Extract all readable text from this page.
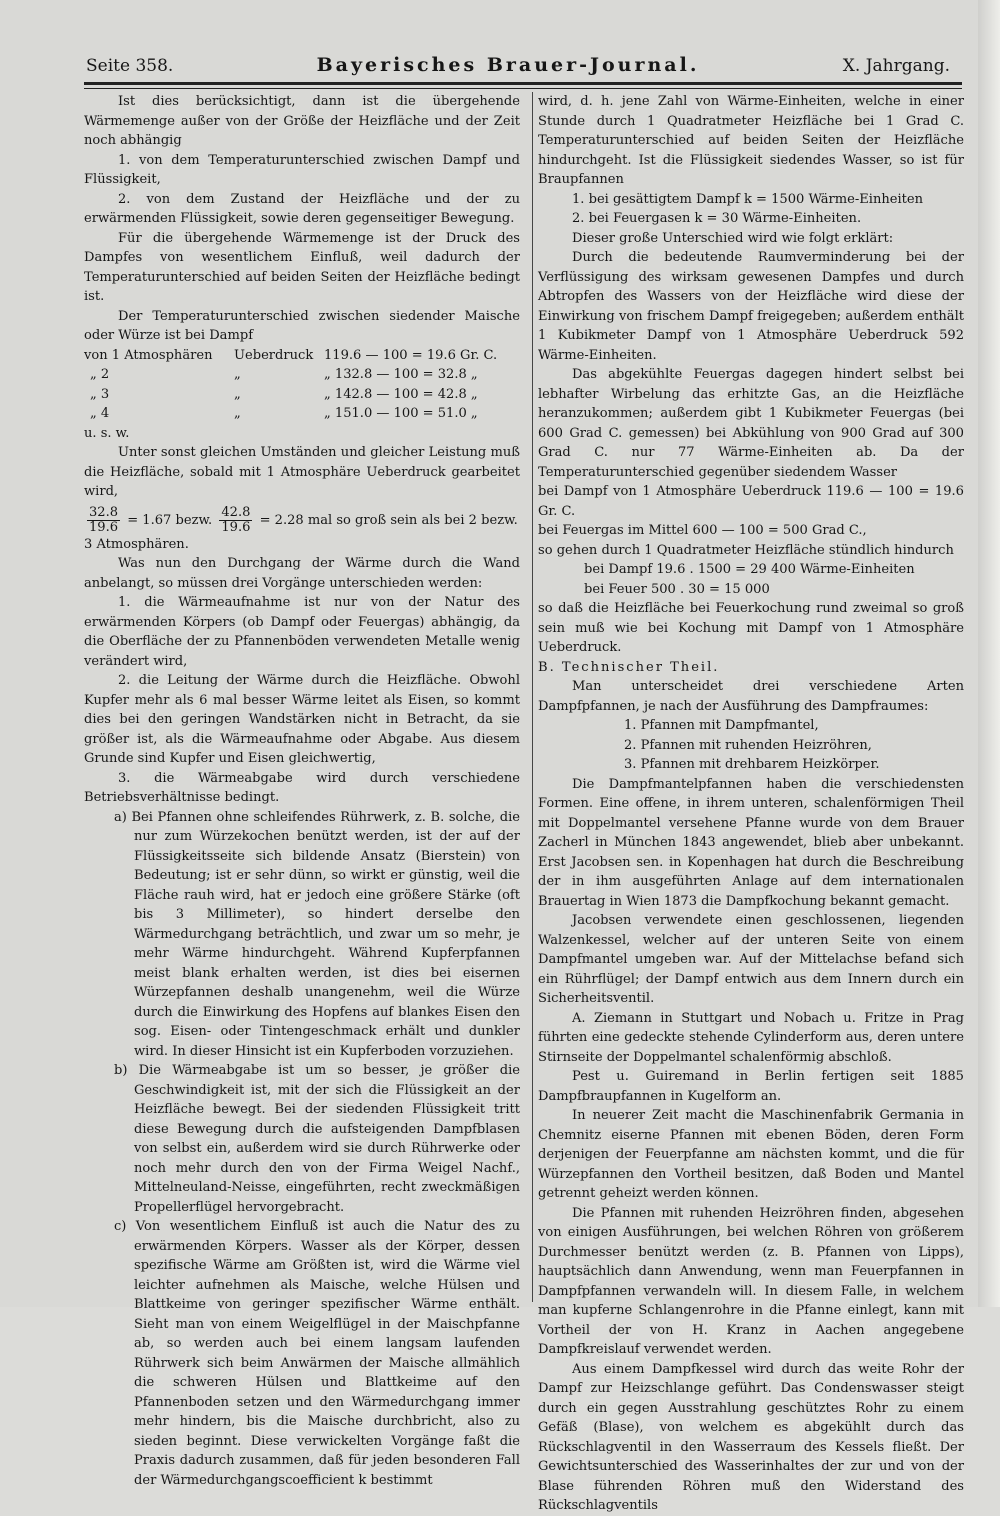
Seite 358.	Bayerisches Brauer-Journal.	X. Jahrgang.

Ist dies berücksichtigt, dann ist die übergehende Wärmemenge außer von der Größe der Heizfläche und der Zeit noch abhängig

1. von dem Temperaturunterschied zwischen Dampf und Flüssigkeit,

2. von dem Zustand der Heizfläche und der zu erwärmenden Flüssigkeit, sowie deren gegenseitiger Bewegung.

Für die übergehende Wärmemenge ist der Druck des Dampfes von wesentlichem Einfluß, weil dadurch der Temperaturunterschied auf beiden Seiten der Heizfläche bedingt ist.

Der Temperaturunterschied zwischen siedender Maische oder Würze ist bei Dampf

von 1 Atmosphären	Ueberdruck 119.6 — 100 = 19.6 Gr. C.
„ 2	„	„ 132.8 — 100 = 32.8 „
„ 3	„	„ 142.8 — 100 = 42.8 „
„ 4	„	„ 151.0 — 100 = 51.0 „

u. s. w.

Unter sonst gleichen Umständen und gleicher Leistung muß die Heizfläche, sobald mit 1 Atmosphäre Ueberdruck gearbeitet wird,

$\frac{32.8}{19.6} = 1.67$ bezw. $\frac{42.8}{19.6} = 2.28$ mal so groß sein als bei 2 bezw.

3 Atmosphären.

Was nun den Durchgang der Wärme durch die Wand anbelangt, so müssen drei Vorgänge unterschieden werden:

1. die Wärmeaufnahme ist nur von der Natur des erwärmenden Körpers (ob Dampf oder Feuergas) abhängig, da die Oberfläche der zu Pfannenböden verwendeten Metalle wenig verändert wird,

2. die Leitung der Wärme durch die Heizfläche. Obwohl Kupfer mehr als 6 mal besser Wärme leitet als Eisen, so kommt dies bei den geringen Wandstärken nicht in Betracht, da sie größer ist, als die Wärmeaufnahme oder Abgabe. Aus diesem Grunde sind Kupfer und Eisen gleichwertig,

3. die Wärmeabgabe wird durch verschiedene Betriebsverhältnisse bedingt.

a) Bei Pfannen ohne schleifendes Rührwerk, z. B. solche, die nur zum Würzekochen benützt werden, ist der auf der Flüssigkeitsseite sich bildende Ansatz (Bierstein) von Bedeutung; ist er sehr dünn, so wirkt er günstig, weil die Fläche rauh wird, hat er jedoch eine größere Stärke (oft bis 3 Millimeter), so hindert derselbe den Wärmedurchgang beträchtlich, und zwar um so mehr, je mehr Wärme hindurchgeht. Während Kupferpfannen meist blank erhalten werden, ist dies bei eisernen Würzepfannen deshalb unangenehm, weil die Würze durch die Einwirkung des Hopfens auf blankes Eisen den sog. Eisen- oder Tintengeschmack erhält und dunkler wird. In dieser Hinsicht ist ein Kupferboden vorzuziehen.

b) Die Wärmeabgabe ist um so besser, je größer die Geschwindigkeit ist, mit der sich die Flüssigkeit an der Heizfläche bewegt. Bei der siedenden Flüssigkeit tritt diese Bewegung durch die aufsteigenden Dampfblasen von selbst ein, außerdem wird sie durch Rührwerke oder noch mehr durch den von der Firma Weigel Nachf., Mittelneuland-Neisse, eingeführten, recht zweckmäßigen Propellerflügel hervorgebracht.

c) Von wesentlichem Einfluß ist auch die Natur des zu erwärmenden Körpers. Wasser als der Körper, dessen spezifische Wärme am Größten ist, wird die Wärme viel leichter aufnehmen als Maische, welche Hülsen und Blattkeime von geringer spezifischer Wärme enthält. Sieht man von einem Weigelflügel in der Maischpfanne ab, so werden auch bei einem langsam laufenden Rührwerk sich beim Anwärmen der Maische allmählich die schweren Hülsen und Blattkeime auf den Pfannenboden setzen und den Wärmedurchgang immer mehr hindern, bis die Maische durchbricht, also zu sieden beginnt. Diese verwickelten Vorgänge faßt die Praxis dadurch zusammen, daß für jeden besonderen Fall der Wärmedurchgangscoefficient k bestimmt

wird, d. h. jene Zahl von Wärme-Einheiten, welche in einer Stunde durch 1 Quadratmeter Heizfläche bei 1 Grad C. Temperaturunterschied auf beiden Seiten der Heizfläche hindurchgeht. Ist die Flüssigkeit siedendes Wasser, so ist für Braupfannen

1. bei gesättigtem Dampf k = 1500 Wärme-Einheiten

2. bei Feuergasen k = 30 Wärme-Einheiten.

Dieser große Unterschied wird wie folgt erklärt:

Durch die bedeutende Raumverminderung bei der Verflüssigung des wirksam gewesenen Dampfes und durch Abtropfen des Wassers von der Heizfläche wird diese der Einwirkung von frischem Dampf freigegeben; außerdem enthält 1 Kubikmeter Dampf von 1 Atmosphäre Ueberdruck 592 Wärme-Einheiten.

Das abgekühlte Feuergas dagegen hindert selbst bei lebhafter Wirbelung das erhitzte Gas, an die Heizfläche heranzukommen; außerdem gibt 1 Kubikmeter Feuergas (bei 600 Grad C. gemessen) bei Abkühlung von 900 Grad auf 300 Grad C. nur 77 Wärme-Einheiten ab. Da der Temperaturunterschied gegenüber siedendem Wasser

bei Dampf von 1 Atmosphäre Ueberdruck 119.6 — 100 = 19.6 Gr. C.

bei Feuergas im Mittel 600 — 100 = 500 Grad C.,

so gehen durch 1 Quadratmeter Heizfläche stündlich hindurch

bei Dampf 19.6 . 1500 = 29 400 Wärme-Einheiten

bei Feuer 500 . 30 = 15 000

so daß die Heizfläche bei Feuerkochung rund zweimal so groß sein muß wie bei Kochung mit Dampf von 1 Atmosphäre Ueberdruck.

B. Technischer Theil.

Man unterscheidet drei verschiedene Arten Dampfpfannen, je nach der Ausführung des Dampfraumes:

1. Pfannen mit Dampfmantel,

2. Pfannen mit ruhenden Heizröhren,

3. Pfannen mit drehbarem Heizkörper.

Die Dampfmantelpfannen haben die verschiedensten Formen. Eine offene, in ihrem unteren, schalenförmigen Theil mit Doppelmantel versehene Pfanne wurde von dem Brauer Zacherl in München 1843 angewendet, blieb aber unbekannt. Erst Jacobsen sen. in Kopenhagen hat durch die Beschreibung der in ihm ausgeführten Anlage auf dem internationalen Brauertag in Wien 1873 die Dampfkochung bekannt gemacht.

Jacobsen verwendete einen geschlossenen, liegenden Walzenkessel, welcher auf der unteren Seite von einem Dampfmantel umgeben war. Auf der Mittelachse befand sich ein Rührflügel; der Dampf entwich aus dem Innern durch ein Sicherheitsventil.

A. Ziemann in Stuttgart und Nobach u. Fritze in Prag führten eine gedeckte stehende Cylinderform aus, deren untere Stirnseite der Doppelmantel schalenförmig abschloß.

Pest u. Guiremand in Berlin fertigen seit 1885 Dampfbraupfannen in Kugelform an.

In neuerer Zeit macht die Maschinenfabrik Germania in Chemnitz eiserne Pfannen mit ebenen Böden, deren Form derjenigen der Feuerpfanne am nächsten kommt, und die für Würzepfannen den Vortheil besitzen, daß Boden und Mantel getrennt geheizt werden können.

Die Pfannen mit ruhenden Heizröhren finden, abgesehen von einigen Ausführungen, bei welchen Röhren von größerem Durchmesser benützt werden (z. B. Pfannen von Lipps), hauptsächlich dann Anwendung, wenn man Feuerpfannen in Dampfpfannen verwandeln will. In diesem Falle, in welchem man kupferne Schlangenrohre in die Pfanne einlegt, kann mit Vortheil der von H. Kranz in Aachen angegebene Dampfkreislauf verwendet werden.

Aus einem Dampfkessel wird durch das weite Rohr der Dampf zur Heizschlange geführt. Das Condenswasser steigt durch ein gegen Ausstrahlung geschütztes Rohr zu einem Gefäß (Blase), von welchem es abgekühlt durch das Rückschlagventil in den Wasserraum des Kessels fließt. Der Gewichtsunterschied des Wasserinhaltes der zur und von der Blase führenden Röhren muß den Widerstand des Rückschlagventils
